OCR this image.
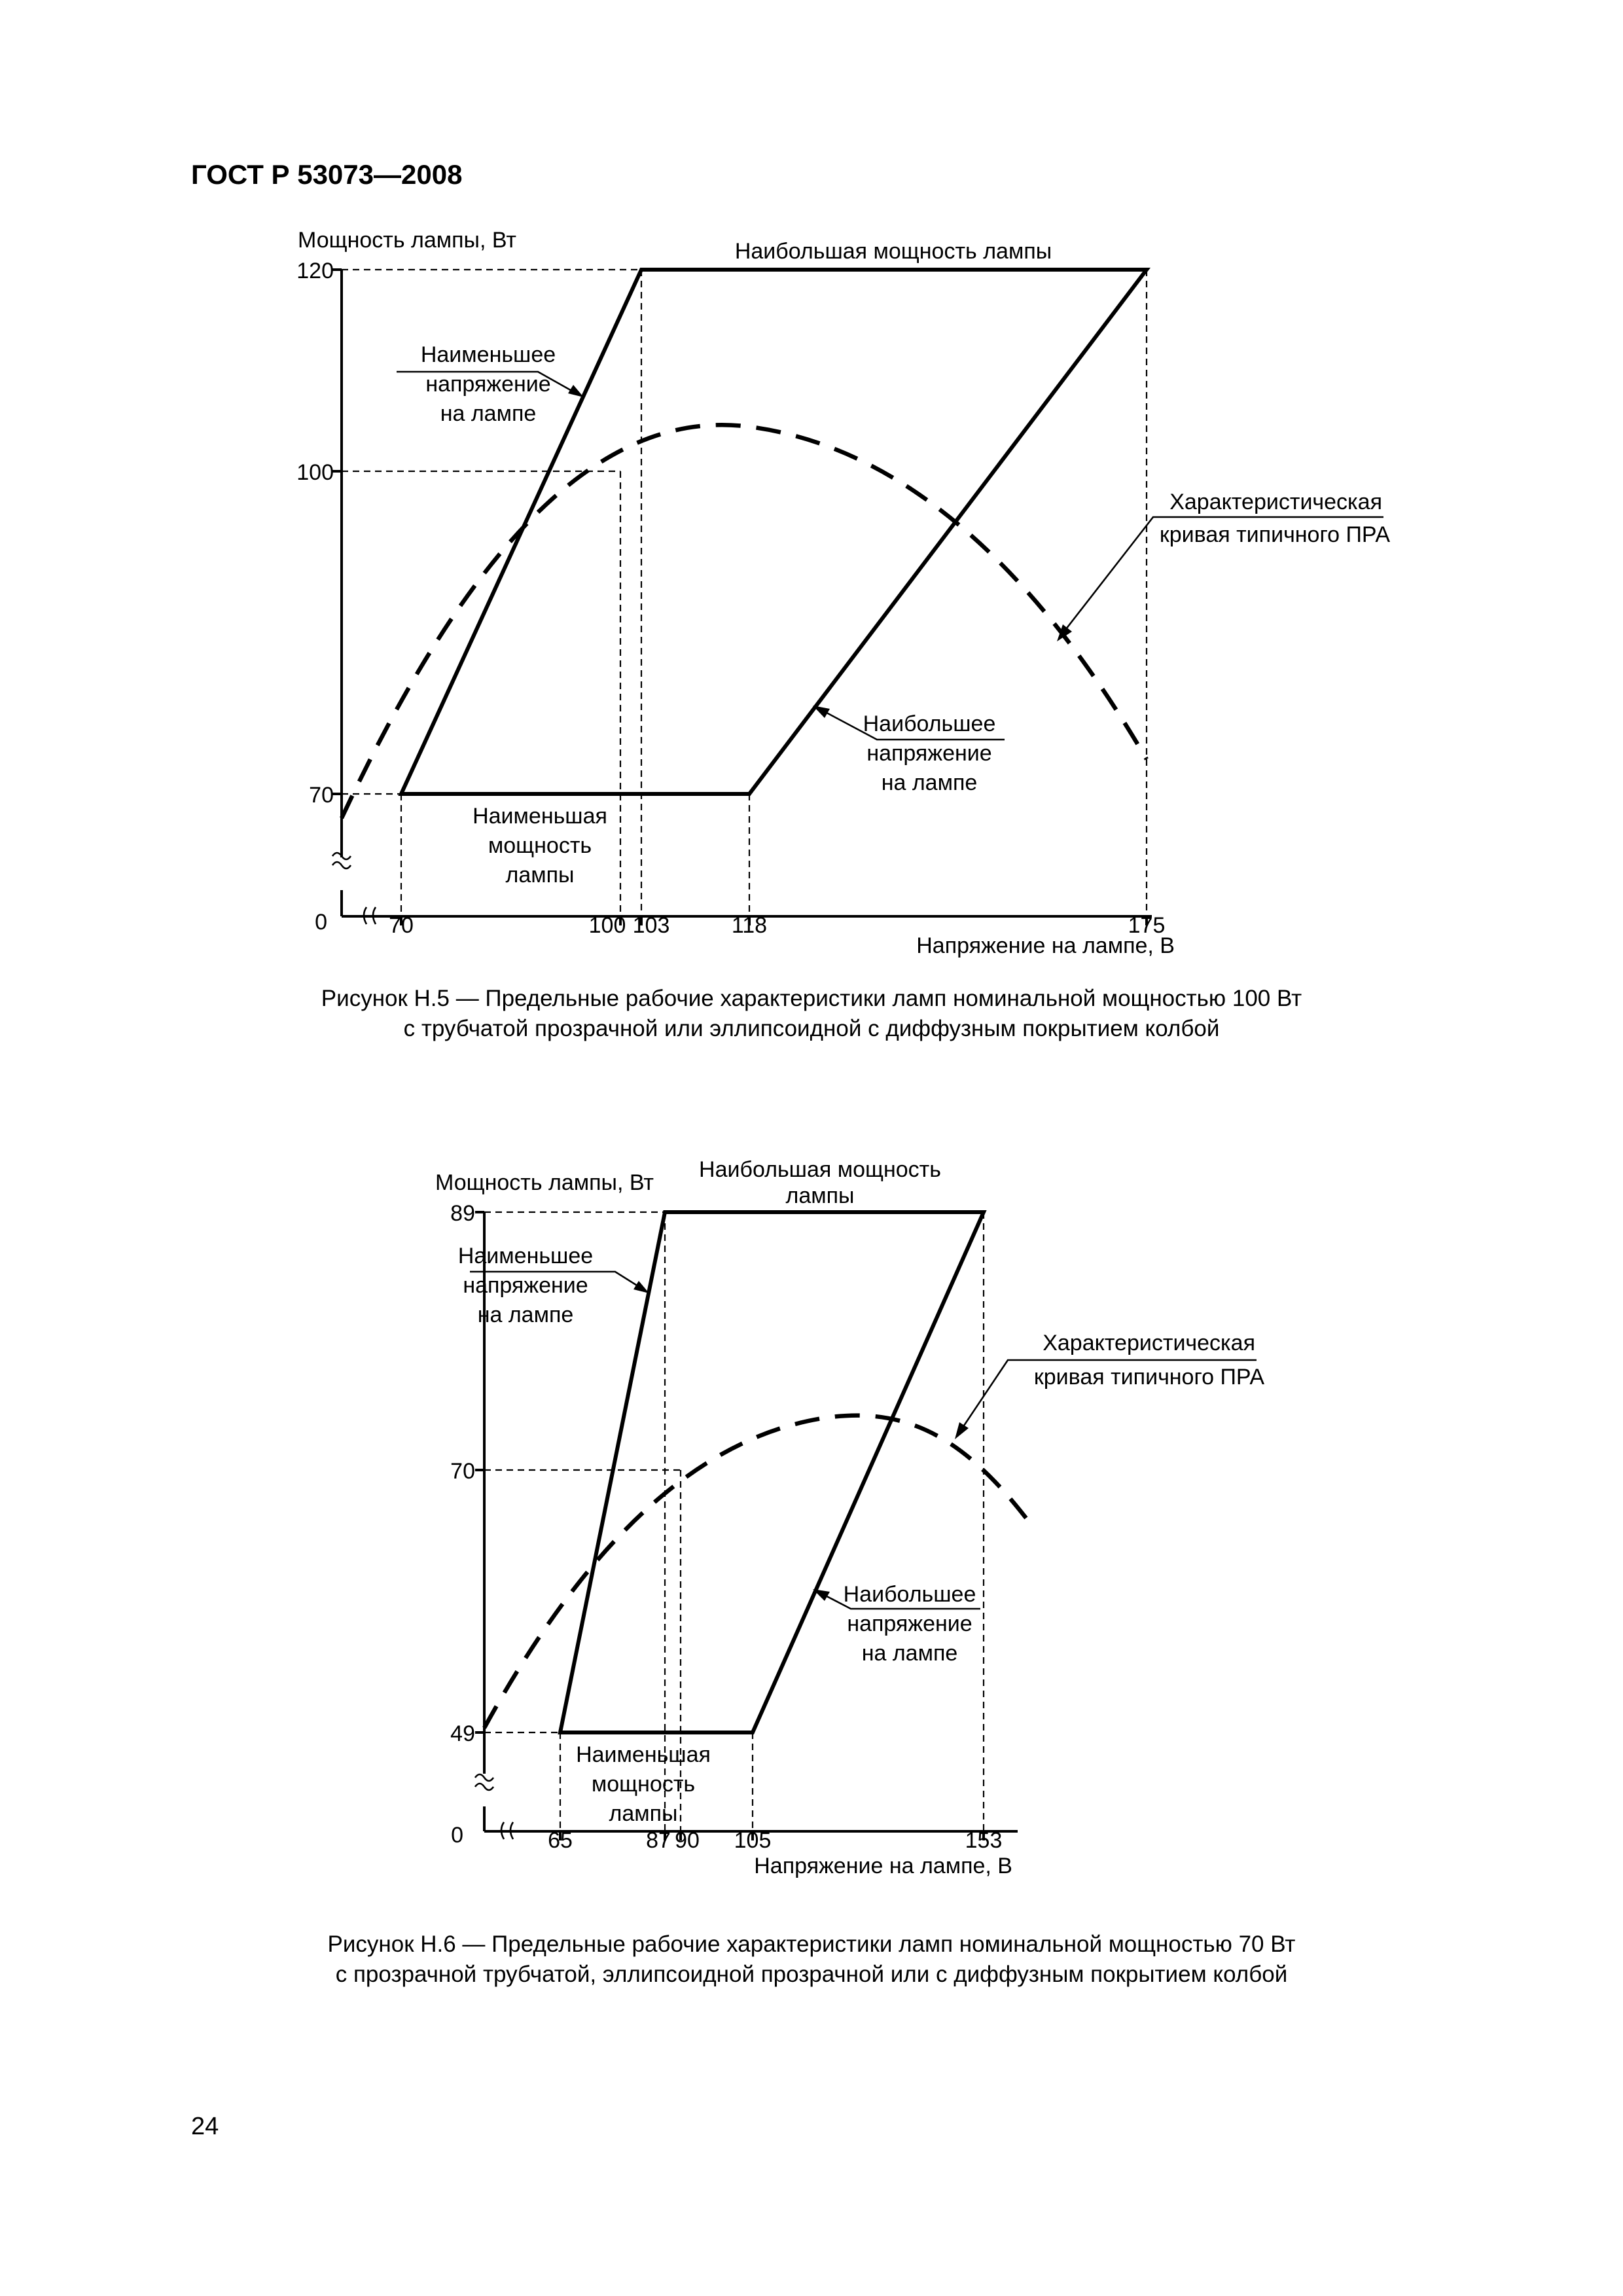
ГОСТ Р 53073—2008
120
100
70
0	70	100 103	118	175
Мощность лампы, Вт
Напряжение на лампе, В
Наибольшая мощность лампы
Наименьшее
напряжение
на лампе
Наибольшее
напряжение
на лампе
Наименьшая
мощность
лампы
Характеристическая
кривая типичного ПРА
89
70
49
0	65	87 90 105	153
Мощность лампы, Вт
Напряжение на лампе, В
Наибольшая мощность
лампы
Наименьшее
напряжение
на лампе
Наибольшее
напряжение
на лампе
Наименьшая
мощность
лампы
Характеристическая
кривая типичного ПРА
Рисунок Н.5 — Предельные рабочие характеристики ламп номинальной мощностью 100 Вт
с трубчатой прозрачной или эллипсоидной с диффузным покрытием колбой
Рисунок Н.6 — Предельные рабочие характеристики ламп номинальной мощностью 70 Вт
с прозрачной трубчатой, эллипсоидной прозрачной или с диффузным покрытием колбой
24
